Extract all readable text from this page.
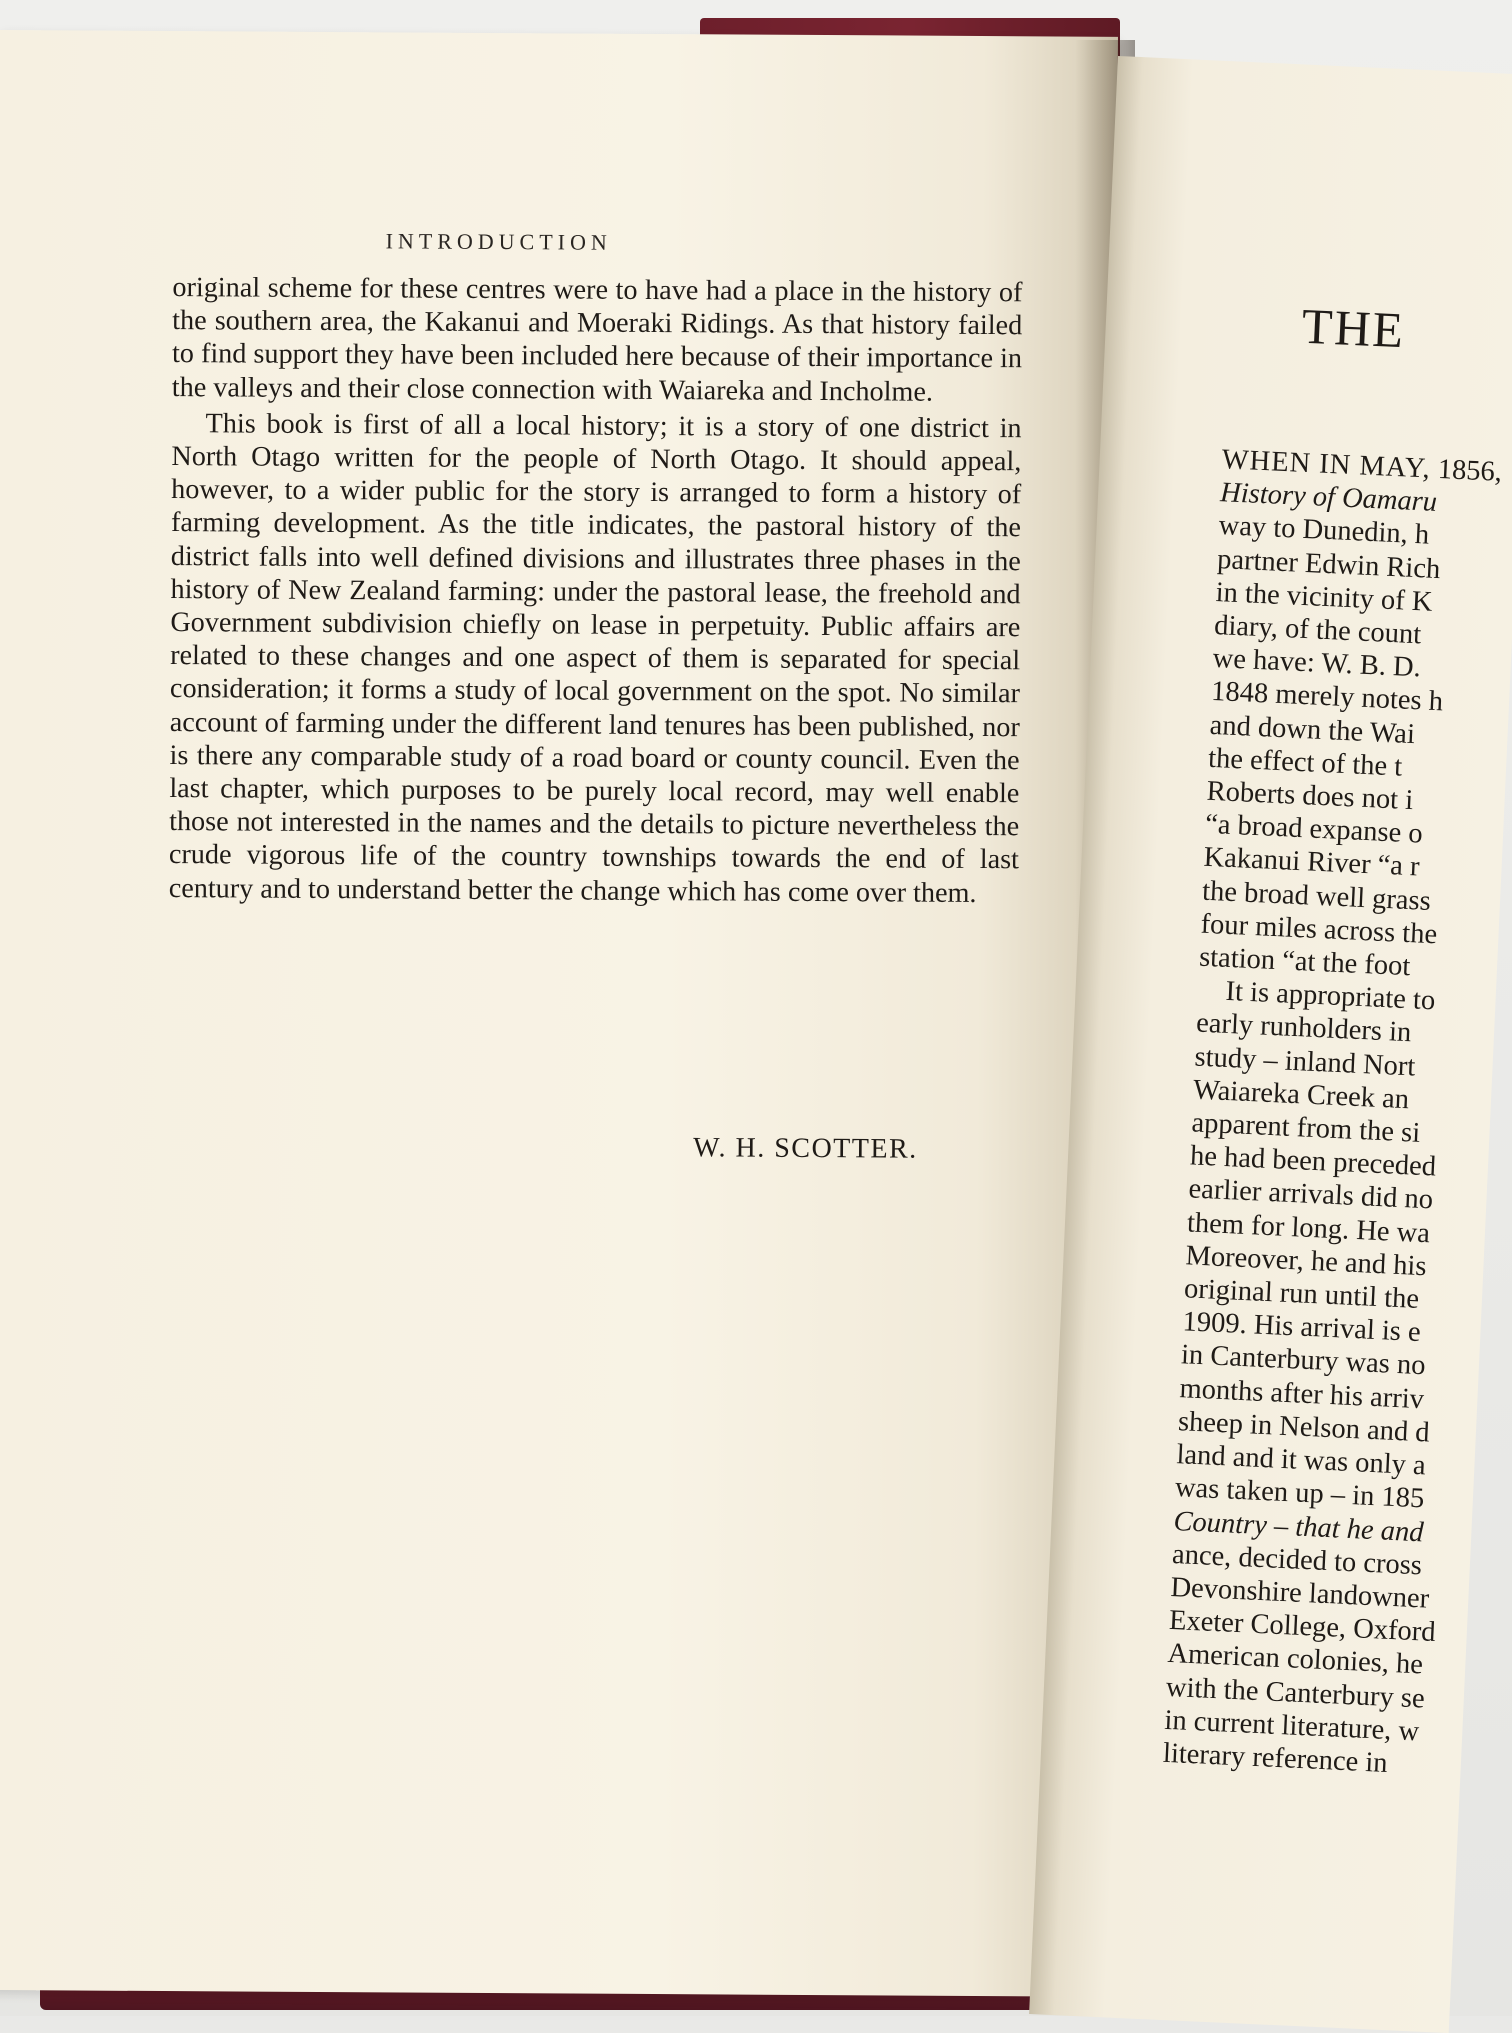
INTRODUCTION

original scheme for these centres were to have had a place in the history of the southern area, the Kakanui and Moeraki Ridings. As that history failed to find support they have been included here because of their importance in the valleys and their close connection with Waiareka and Incholme.

This book is first of all a local history; it is a story of one district in North Otago written for the people of North Otago. It should appeal, however, to a wider public for the story is arranged to form a history of farming development. As the title indicates, the pastoral history of the district falls into well defined divisions and illustrates three phases in the history of New Zealand farming: under the pastoral lease, the freehold and Government subdivision chiefly on lease in perpetuity. Public affairs are related to these changes and one aspect of them is separated for special consideration; it forms a study of local government on the spot. No similar account of farming under the different land tenures has been published, nor is there any comparable study of a road board or county council. Even the last chapter, which purposes to be purely local record, may well enable those not interested in the names and the details to picture nevertheless the crude vigorous life of the country townships towards the end of last century and to understand better the change which has come over them.

W. H. SCOTTER.
THE
WHEN IN MAY, 1856,
History of Oamaru
way to Dunedin, h
partner Edwin Rich
in the vicinity of K
diary, of the count
we have: W. B. D.
1848 merely notes h
and down the Wai
the effect of the t
Roberts does not i
“a broad expanse o
Kakanui River “a r
the broad well grass
four miles across the
station “at the foot
It is appropriate to
early runholders in
study – inland Nort
Waiareka Creek an
apparent from the si
he had been preceded
earlier arrivals did no
them for long. He wa
Moreover, he and his
original run until the
1909. His arrival is e
in Canterbury was no
months after his arriv
sheep in Nelson and d
land and it was only a
was taken up – in 185
Country – that he and
ance, decided to cross
Devonshire landowner
Exeter College, Oxford
American colonies, he
with the Canterbury se
in current literature, w
literary reference in
